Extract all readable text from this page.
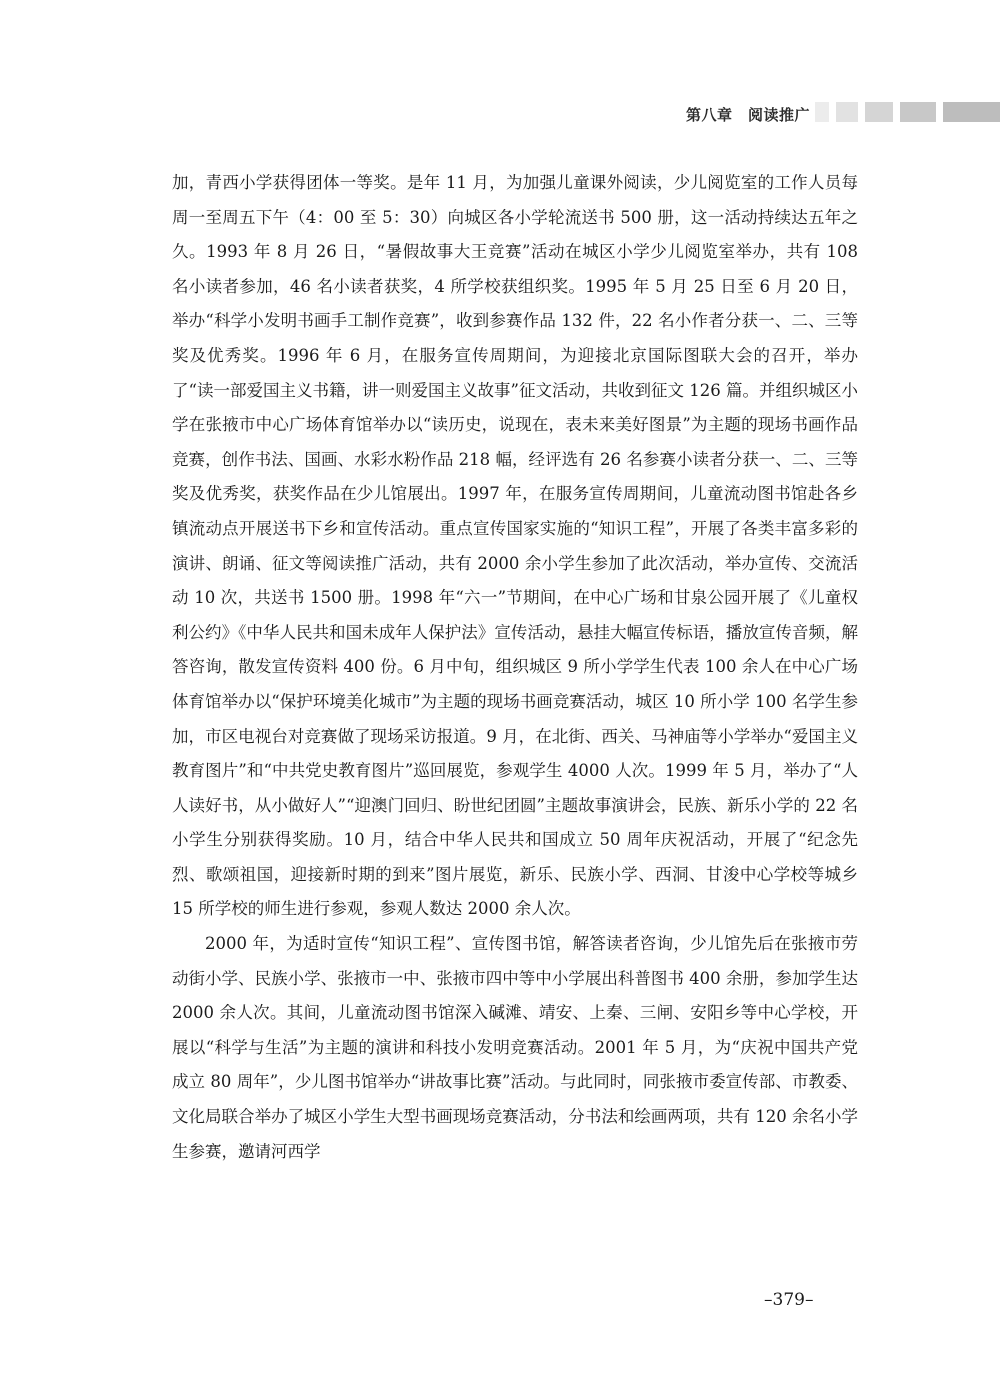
第八章　阅读推广

加，青西小学获得团体一等奖。是年 11 月，为加强儿童课外阅读，少儿阅览室的工作人员每周一至周五下午（4：00 至 5：30）向城区各小学轮流送书 500 册，这一活动持续达五年之久。1993 年 8 月 26 日，“暑假故事大王竞赛”活动在城区小学少儿阅览室举办，共有 108 名小读者参加，46 名小读者获奖，4 所学校获组织奖。1995 年 5 月 25 日至 6 月 20 日，举办“科学小发明书画手工制作竞赛”，收到参赛作品 132 件，22 名小作者分获一、二、三等奖及优秀奖。1996 年 6 月，在服务宣传周期间，为迎接北京国际图联大会的召开，举办了“读一部爱国主义书籍，讲一则爱国主义故事”征文活动，共收到征文 126 篇。并组织城区小学在张掖市中心广场体育馆举办以“读历史，说现在，表未来美好图景”为主题的现场书画作品竞赛，创作书法、国画、水彩水粉作品 218 幅，经评选有 26 名参赛小读者分获一、二、三等奖及优秀奖，获奖作品在少儿馆展出。1997 年，在服务宣传周期间，儿童流动图书馆赴各乡镇流动点开展送书下乡和宣传活动。重点宣传国家实施的“知识工程”，开展了各类丰富多彩的演讲、朗诵、征文等阅读推广活动，共有 2000 余小学生参加了此次活动，举办宣传、交流活动 10 次，共送书 1500 册。1998 年“六一”节期间，在中心广场和甘泉公园开展了《儿童权利公约》《中华人民共和国未成年人保护法》宣传活动，悬挂大幅宣传标语，播放宣传音频，解答咨询，散发宣传资料 400 份。6 月中旬，组织城区 9 所小学学生代表 100 余人在中心广场体育馆举办以“保护环境美化城市”为主题的现场书画竞赛活动，城区 10 所小学 100 名学生参加，市区电视台对竞赛做了现场采访报道。9 月，在北街、西关、马神庙等小学举办“爱国主义教育图片”和“中共党史教育图片”巡回展览，参观学生 4000 人次。1999 年 5 月，举办了“人人读好书，从小做好人”“迎澳门回归、盼世纪团圆”主题故事演讲会，民族、新乐小学的 22 名小学生分别获得奖励。10 月，结合中华人民共和国成立 50 周年庆祝活动，开展了“纪念先烈、歌颂祖国，迎接新时期的到来”图片展览，新乐、民族小学、西洞、甘浚中心学校等城乡 15 所学校的师生进行参观，参观人数达 2000 余人次。

2000 年，为适时宣传“知识工程”、宣传图书馆，解答读者咨询，少儿馆先后在张掖市劳动街小学、民族小学、张掖市一中、张掖市四中等中小学展出科普图书 400 余册，参加学生达 2000 余人次。其间，儿童流动图书馆深入碱滩、靖安、上秦、三闸、安阳乡等中心学校，开展以“科学与生活”为主题的演讲和科技小发明竞赛活动。2001 年 5 月，为“庆祝中国共产党成立 80 周年”，少儿图书馆举办“讲故事比赛”活动。与此同时，同张掖市委宣传部、市教委、文化局联合举办了城区小学生大型书画现场竞赛活动，分书法和绘画两项，共有 120 余名小学生参赛，邀请河西学

–379–
